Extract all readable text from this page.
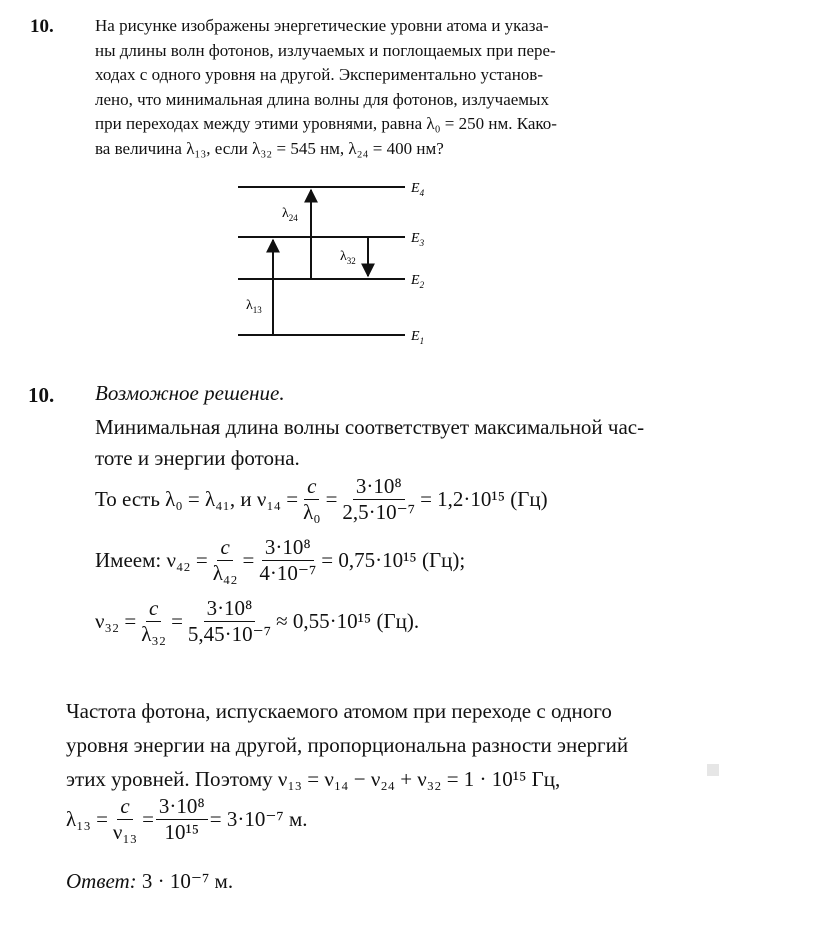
10. На рисунке изображены энергетические уровни атома и указа-
ны длины волн фотонов, излучаемых и поглощаемых при пере-
ходах с одного уровня на другой. Экспериментально установ-
лено, что минимальная длина волны для фотонов, излучаемых
при переходах между этими уровнями, равна λ₀ = 250 нм. Како-
ва величина λ₁₃, если λ₃₂ = 545 нм, λ₂₄ = 400 нм?
$E_4$
$E_3$
$E_2$
$E_1$
$\lambda_{24}$
$\lambda_{32}$
$\lambda_{13}$
10. Возможное решение.
Минимальная длина волны соответствует максимальной час-
тоте и энергии фотона.
То есть λ₀ = λ₄₁, и $\nu_{14} = \frac{c}{\text{λ₀}} = \frac{\text{3·10⁸}}{\text{2,5·10⁻⁷}} = 1,2\cdot 10^{15}$ (Гц)
Имеем: $\nu_{42} = \frac{c}{\text{λ₄₂}} = \frac{\text{3·10⁸}}{\text{4·10⁻⁷}} = 0,75\cdot 10^{15}$ (Гц);
$\nu_{32} = \frac{c}{\text{λ₃₂}} = \frac{\text{3·10⁸}}{\text{5,45·10⁻⁷}} \approx 0,55\cdot 10^{15}$ (Гц).
Частота фотона, испускаемого атомом при переходе с одного
уровня энергии на другой, пропорциональна разности энергий
этих уровней. Поэтому ν₁₃ = ν₁₄ − ν₂₄ + ν₃₂ = 1 · 10¹⁵ Гц,
$\lambda_{13} = \frac{c}{\text{ν₁₃}} = \frac{\text{3·10⁸}}{\text{10¹⁵}} = 3\cdot 10^{-7}$ м.
Ответ: 3 · 10⁻⁷ м.
